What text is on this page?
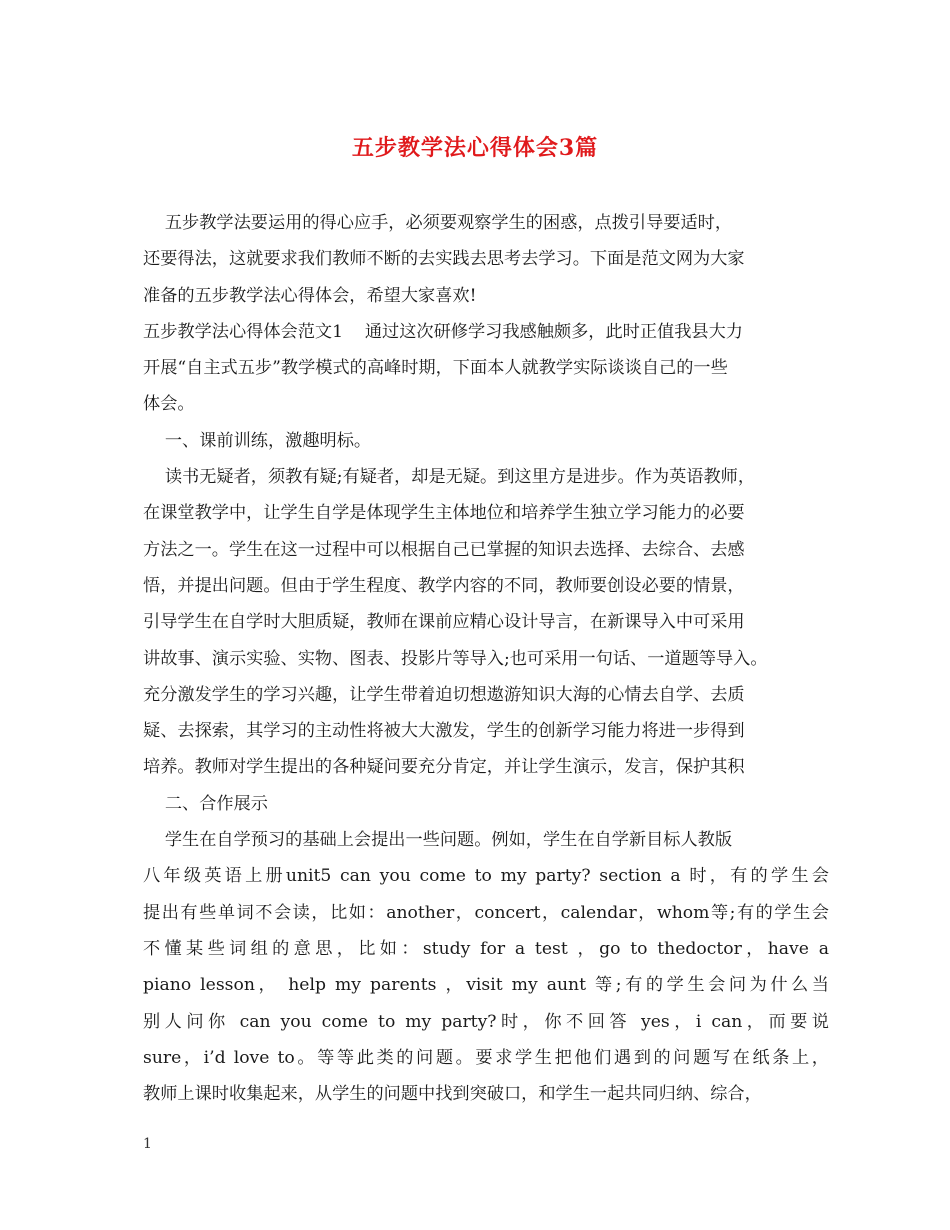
五步教学法心得体会3篇
五步教学法要运用的得心应手，必须要观察学生的困惑，点拨引导要适时，
还要得法，这就要求我们教师不断的去实践去思考去学习。下面是范文网为大家
准备的五步教学法心得体会，希望大家喜欢!
五步教学法心得体会范文1    通过这次研修学习我感触颇多，此时正值我县大力
开展“自主式五步”教学模式的高峰时期，下面本人就教学实际谈谈自己的一些
体会。
一、课前训练，激趣明标。
读书无疑者，须教有疑;有疑者，却是无疑。到这里方是进步。作为英语教师，
在课堂教学中，让学生自学是体现学生主体地位和培养学生独立学习能力的必要
方法之一。学生在这一过程中可以根据自己已掌握的知识去选择、去综合、去感
悟，并提出问题。但由于学生程度、教学内容的不同，教师要创设必要的情景，
引导学生在自学时大胆质疑，教师在课前应精心设计导言，在新课导入中可采用
讲故事、演示实验、实物、图表、投影片等导入;也可采用一句话、一道题等导入。
充分激发学生的学习兴趣，让学生带着迫切想遨游知识大海的心情去自学、去质
疑、去探索，其学习的主动性将被大大激发，学生的创新学习能力将进一步得到
培养。教师对学生提出的各种疑问要充分肯定，并让学生演示，发言，保护其积
二、合作展示
学生在自学预习的基础上会提出一些问题。例如，学生在自学新目标人教版
八年级英语上册unit5 can you come to my party? section a 时，有的学生会
提出有些单词不会读，比如：another，concert，calendar，whom等;有的学生会
不懂某些词组的意思，比如：study for a test ，go to thedoctor，have a
piano lesson， help my parents ，visit my aunt 等;有的学生会问为什么当
别人问你 can you come to my party?时，你不回答 yes，i can，而要说
sure，i’d love to。等等此类的问题。要求学生把他们遇到的问题写在纸条上，
教师上课时收集起来，从学生的问题中找到突破口，和学生一起共同归纳、综合，
1
